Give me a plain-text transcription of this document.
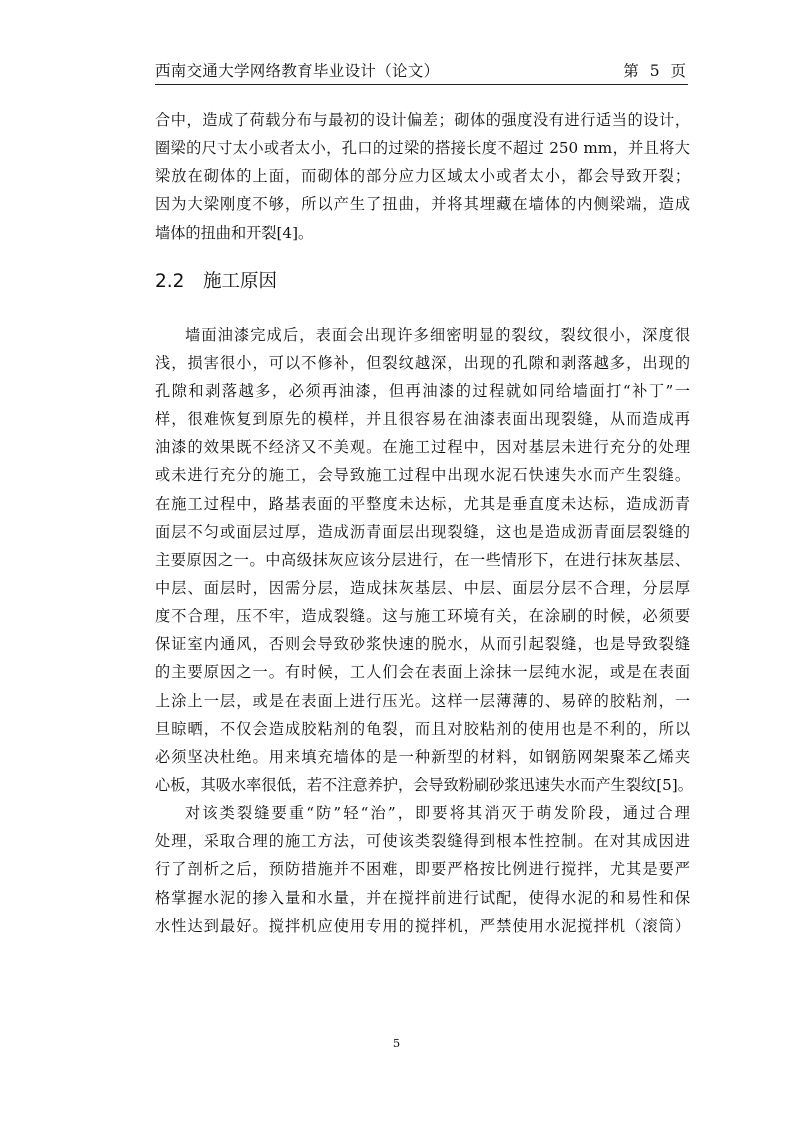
西南交通大学网络教育毕业设计（论文）	第 5 页
合中，造成了荷载分布与最初的设计偏差；砌体的强度没有进行适当的设计，
圈梁的尺寸太小或者太小，孔口的过梁的搭接长度不超过 250 mm，并且将大
梁放在砌体的上面，而砌体的部分应力区域太小或者太小，都会导致开裂；
因为大梁刚度不够，所以产生了扭曲，并将其埋藏在墙体的内侧梁端，造成
墙体的扭曲和开裂[4]。
2.2 施工原因
墙面油漆完成后，表面会出现许多细密明显的裂纹，裂纹很小，深度很
浅，损害很小，可以不修补，但裂纹越深，出现的孔隙和剥落越多，出现的
孔隙和剥落越多，必须再油漆，但再油漆的过程就如同给墙面打“补丁”一
样，很难恢复到原先的模样，并且很容易在油漆表面出现裂缝，从而造成再
油漆的效果既不经济又不美观。在施工过程中，因对基层未进行充分的处理
或未进行充分的施工，会导致施工过程中出现水泥石快速失水而产生裂缝。
在施工过程中，路基表面的平整度未达标，尤其是垂直度未达标，造成沥青
面层不匀或面层过厚，造成沥青面层出现裂缝，这也是造成沥青面层裂缝的
主要原因之一。中高级抹灰应该分层进行，在一些情形下，在进行抹灰基层、
中层、面层时，因需分层，造成抹灰基层、中层、面层分层不合理，分层厚
度不合理，压不牢，造成裂缝。这与施工环境有关，在涂刷的时候，必须要
保证室内通风，否则会导致砂浆快速的脱水，从而引起裂缝，也是导致裂缝
的主要原因之一。有时候，工人们会在表面上涂抹一层纯水泥，或是在表面
上涂上一层，或是在表面上进行压光。这样一层薄薄的、易碎的胶粘剂，一
旦晾晒，不仅会造成胶粘剂的龟裂，而且对胶粘剂的使用也是不利的，所以
必须坚决杜绝。用来填充墙体的是一种新型的材料，如钢筋网架聚苯乙烯夹
心板，其吸水率很低，若不注意养护，会导致粉刷砂浆迅速失水而产生裂纹[5]。
对该类裂缝要重“防”轻“治”，即要将其消灭于萌发阶段，通过合理
处理，采取合理的施工方法，可使该类裂缝得到根本性控制。在对其成因进
行了剖析之后，预防措施并不困难，即要严格按比例进行搅拌，尤其是要严
格掌握水泥的掺入量和水量，并在搅拌前进行试配，使得水泥的和易性和保
水性达到最好。搅拌机应使用专用的搅拌机，严禁使用水泥搅拌机（滚筒）
5
